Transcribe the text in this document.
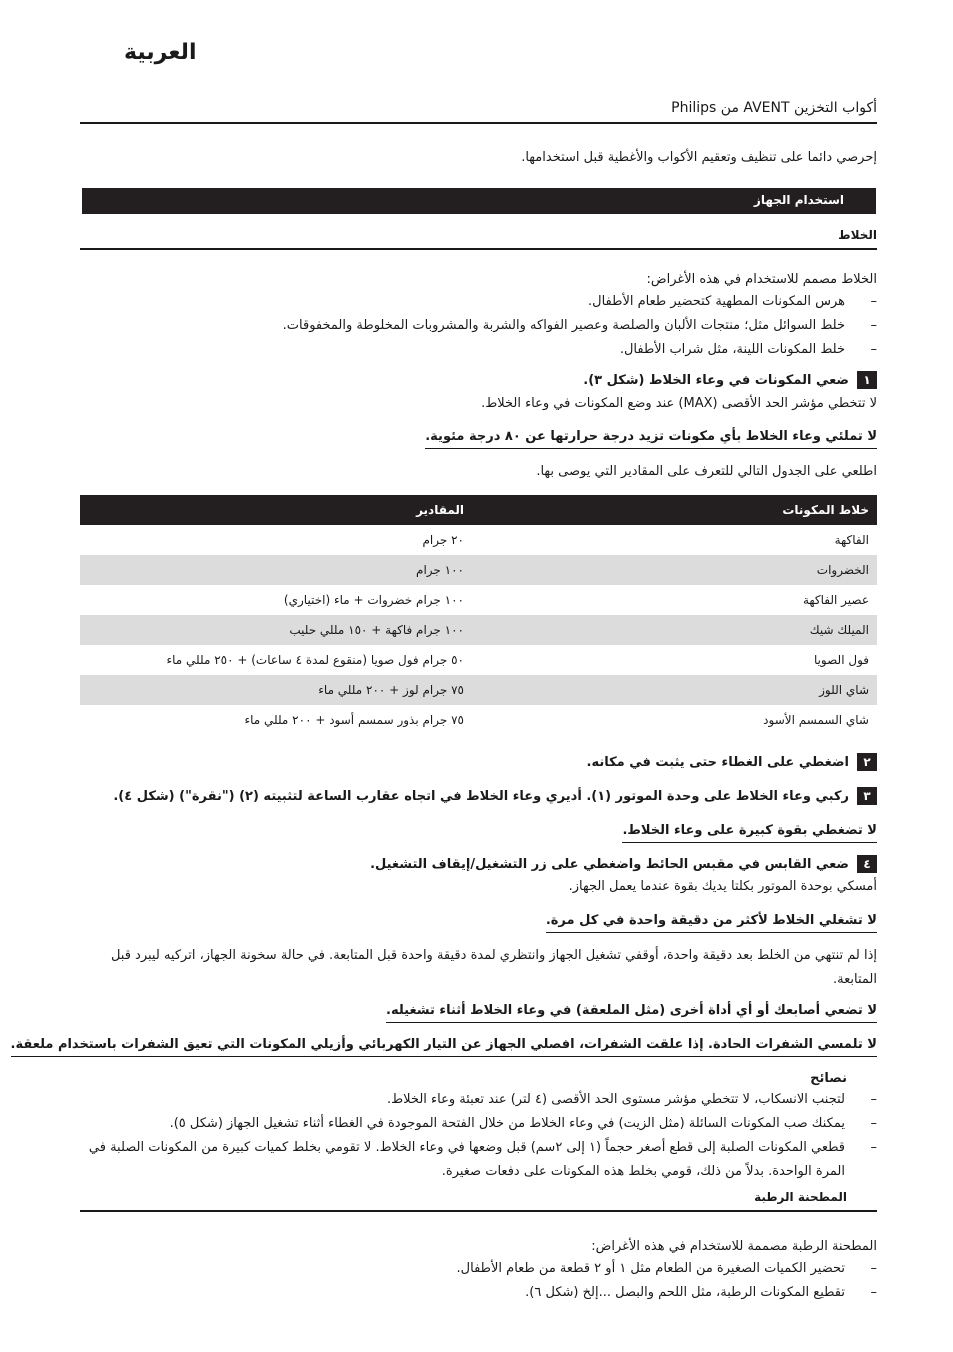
العربية
أكواب التخزين AVENT من Philips
إحرصي دائما على تنظيف وتعقيم الأكواب والأغطية قبل استخدامها.
استخدام الجهاز
الخلاط
الخلاط مصمم للاستخدام في هذه الأغراض:
– هرس المكونات المطهية كتحضير طعام الأطفال.
– خلط السوائل مثل؛ منتجات الألبان والصلصة وعصير الفواكه والشربة والمشروبات المخلوطة والمخفوقات.
– خلط المكونات اللينة، مثل شراب الأطفال.
١ضعي المكونات في وعاء الخلاط (شكل ٣).
لا تتخطي مؤشر الحد الأقصى (MAX) عند وضع المكونات في وعاء الخلاط.
لا تملئي وعاء الخلاط بأي مكونات تزيد درجة حرارتها عن ٨٠ درجة مئوية.
اطلعي على الجدول التالي للتعرف على المقادير التي يوصى بها.
خلاط المكونات	المقادير
الفاكهة	٢٠ جرام
الخضروات	١٠٠ جرام
عصير الفاكهة	١٠٠ جرام خضروات + ماء (اختياري)
الميلك شيك	١٠٠ جرام فاكهة + ١٥٠ مللي حليب
فول الصويا	٥٠ جرام فول صويا (منقوع لمدة ٤ ساعات) + ٢٥٠ مللي ماء
شاي اللوز	٧٥ جرام لوز + ٢٠٠ مللي ماء
شاي السمسم الأسود	٧٥ جرام بذور سمسم أسود + ٢٠٠ مللي ماء
٢اضغطي على الغطاء حتى يثبت في مكانه.
٣ركبي وعاء الخلاط على وحدة الموتور (١). أديري وعاء الخلاط في اتجاه عقارب الساعة لتثبيته (٢) ("نقرة") (شكل ٤).
لا تضغطي بقوة كبيرة على وعاء الخلاط.
٤ضعي القابس في مقبس الحائط واضغطي على زر التشغيل/إيقاف التشغيل.
أمسكي بوحدة الموتور بكلتا يديك بقوة عندما يعمل الجهاز.
لا تشغلي الخلاط لأكثر من دقيقة واحدة في كل مرة.
إذا لم تنتهي من الخلط بعد دقيقة واحدة، أوقفي تشغيل الجهاز وانتظري لمدة دقيقة واحدة قبل المتابعة. في حالة سخونة الجهاز، اتركيه ليبرد قبل المتابعة.
لا تضعي أصابعك أو أي أداة أخرى (مثل الملعقة) في وعاء الخلاط أثناء تشغيله.
لا تلمسي الشفرات الحادة. إذا علقت الشفرات، افصلي الجهاز عن التيار الكهربائي وأزيلي المكونات التي تعيق الشفرات باستخدام ملعقة.
نصائح
– لتجنب الانسكاب، لا تتخطي مؤشر مستوى الحد الأقصى (٤ لتر) عند تعبئة وعاء الخلاط.
– يمكنك صب المكونات السائلة (مثل الزيت) في وعاء الخلاط من خلال الفتحة الموجودة في الغطاء أثناء تشغيل الجهاز (شكل ٥).
– قطعي المكونات الصلبة إلى قطع أصغر حجماً (١ إلى ٢سم) قبل وضعها في وعاء الخلاط. لا تقومي بخلط كميات كبيرة من المكونات الصلبة في المرة الواحدة. بدلاً من ذلك، قومي بخلط هذه المكونات على دفعات صغيرة.
المطحنة الرطبة
المطحنة الرطبة مصممة للاستخدام في هذه الأغراض:
– تحضير الكميات الصغيرة من الطعام مثل ١ أو ٢ قطعة من طعام الأطفال.
– تقطيع المكونات الرطبة، مثل اللحم والبصل ...إلخ (شكل ٦).
